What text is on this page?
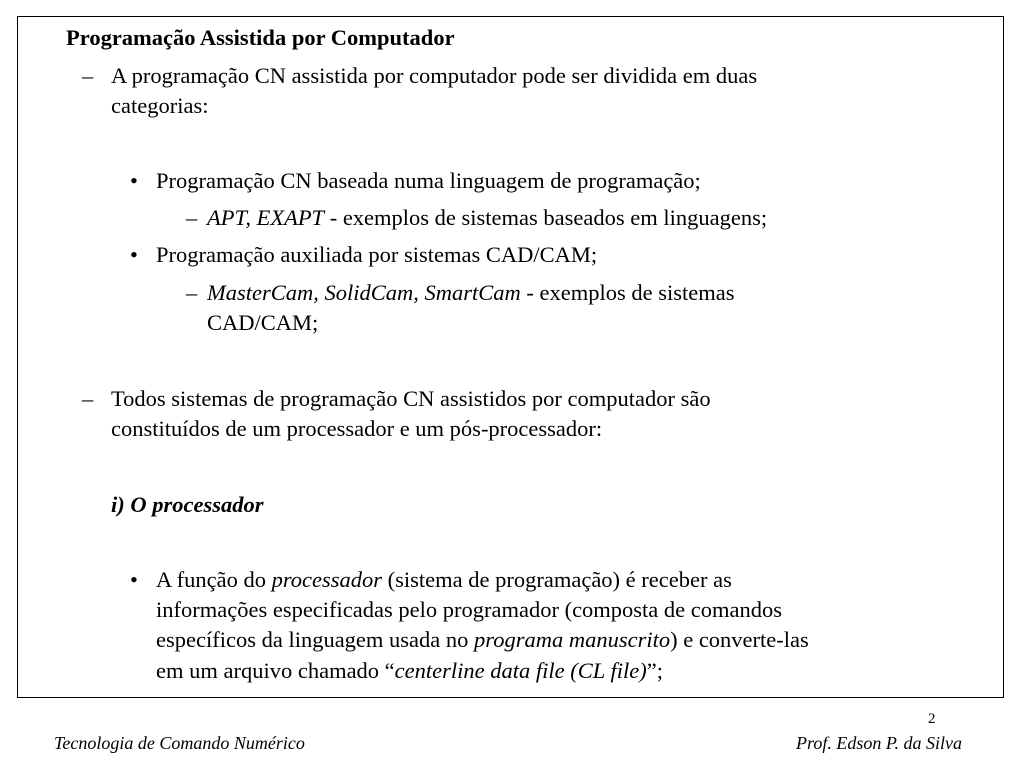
Programação Assistida por Computador
– A programação CN assistida por computador pode ser dividida em duas
categorias:
• Programação CN baseada numa linguagem de programação;
– APT, EXAPT - exemplos de sistemas baseados em linguagens;
• Programação auxiliada por sistemas CAD/CAM;
– MasterCam, SolidCam, SmartCam - exemplos de sistemas
CAD/CAM;
– Todos sistemas de programação CN assistidos por computador são
constituídos de um processador e um pós-processador:
i) O processador
• A função do processador (sistema de programação) é receber as
informações especificadas pelo programador (composta de comandos
específicos da linguagem usada no programa manuscrito) e converte-las
em um arquivo chamado “centerline data file (CL file)”;
2
Tecnologia de Comando Numérico	Prof. Edson P. da Silva
